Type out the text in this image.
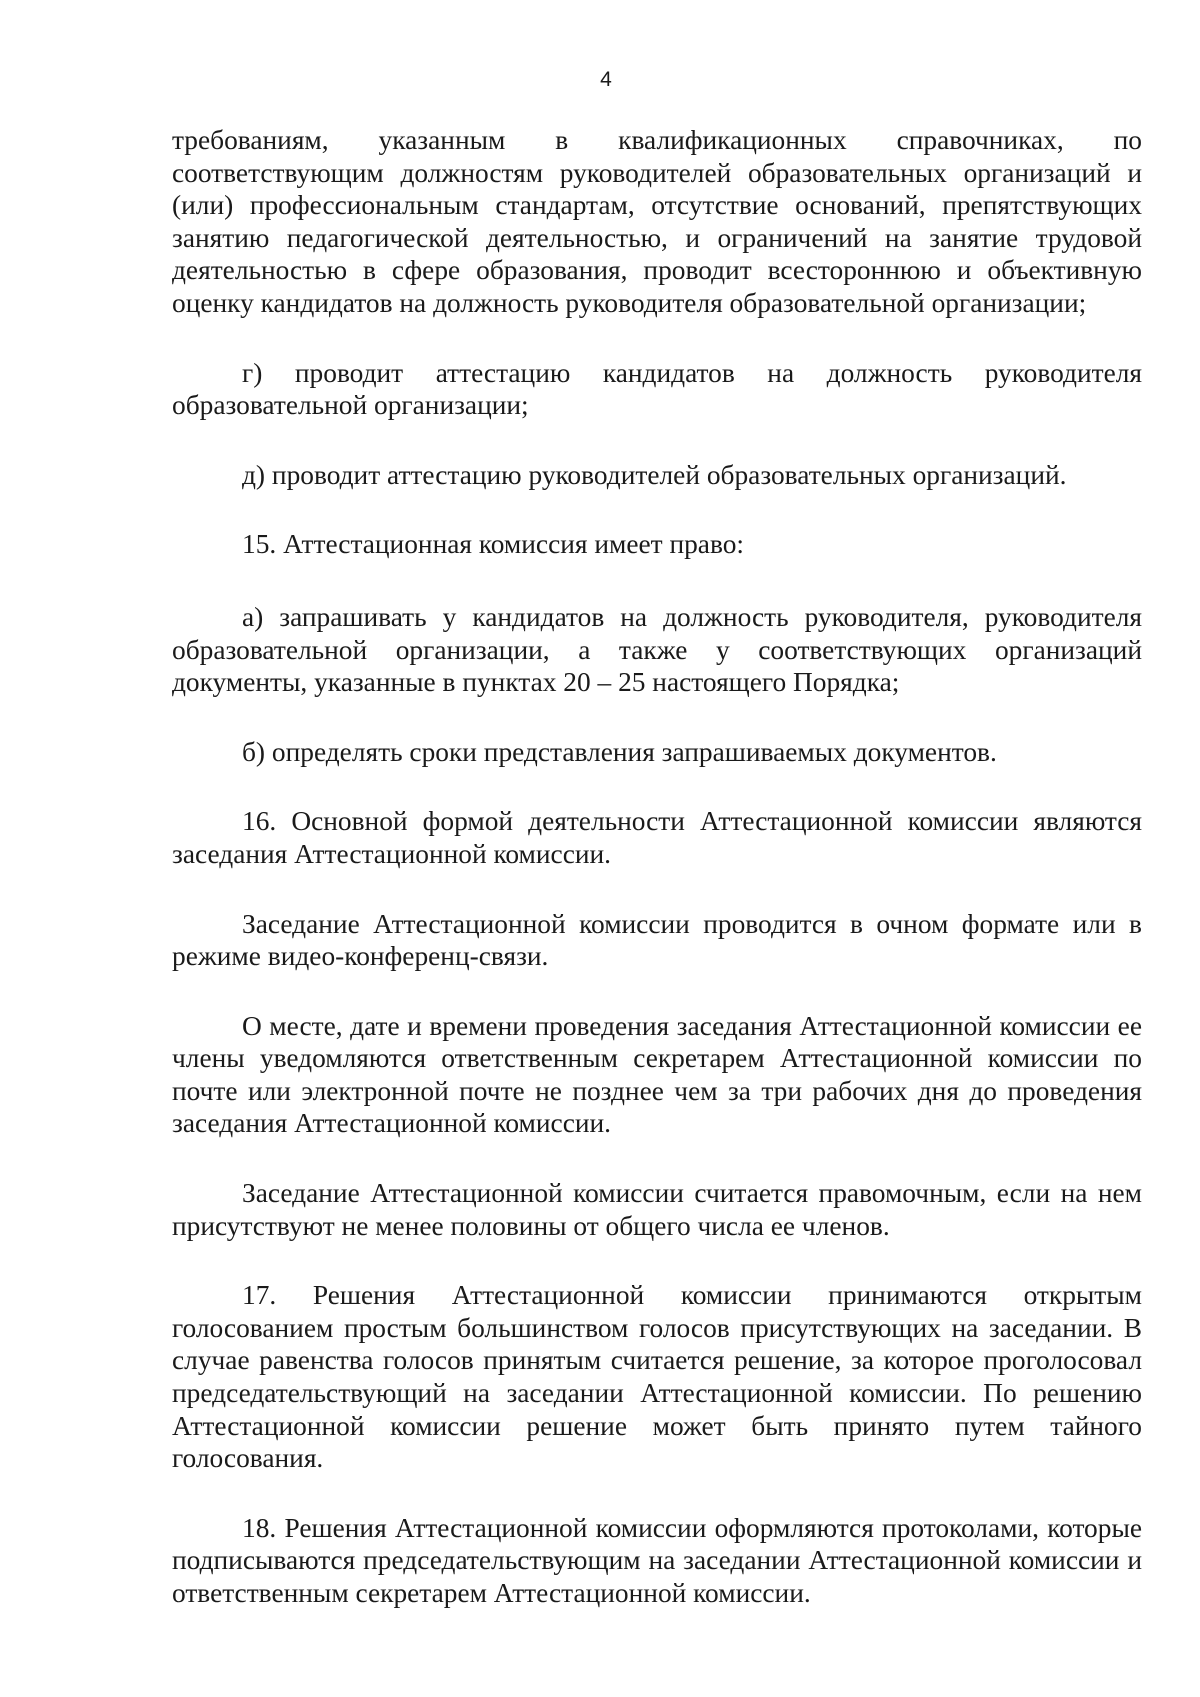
4

требованиям, указанным в квалификационных справочниках, по соответствующим должностям руководителей образовательных организаций и (или) профессиональным стандартам, отсутствие оснований, препятствующих занятию педагогической деятельностью, и ограничений на занятие трудовой деятельностью в сфере образования, проводит всестороннюю и объективную оценку кандидатов на должность руководителя образовательной организации;

г) проводит аттестацию кандидатов на должность руководителя образовательной организации;

д) проводит аттестацию руководителей образовательных организаций.

15. Аттестационная комиссия имеет право:

а) запрашивать у кандидатов на должность руководителя, руководителя образовательной организации, а также у соответствующих организаций документы, указанные в пунктах 20 – 25 настоящего Порядка;

б) определять сроки представления запрашиваемых документов.

16. Основной формой деятельности Аттестационной комиссии являются заседания Аттестационной комиссии.

Заседание Аттестационной комиссии проводится в очном формате или в режиме видео-конференц-связи.

О месте, дате и времени проведения заседания Аттестационной комиссии ее члены уведомляются ответственным секретарем Аттестационной комиссии по почте или электронной почте не позднее чем за три рабочих дня до проведения заседания Аттестационной комиссии.

Заседание Аттестационной комиссии считается правомочным, если на нем присутствуют не менее половины от общего числа ее членов.

17. Решения Аттестационной комиссии принимаются открытым голосованием простым большинством голосов присутствующих на заседании. В случае равенства голосов принятым считается решение, за которое проголосовал председательствующий на заседании Аттестационной комиссии. По решению Аттестационной комиссии решение может быть принято путем тайного голосования.

18. Решения Аттестационной комиссии оформляются протоколами, которые подписываются председательствующим на заседании Аттестационной комиссии и ответственным секретарем Аттестационной комиссии.
